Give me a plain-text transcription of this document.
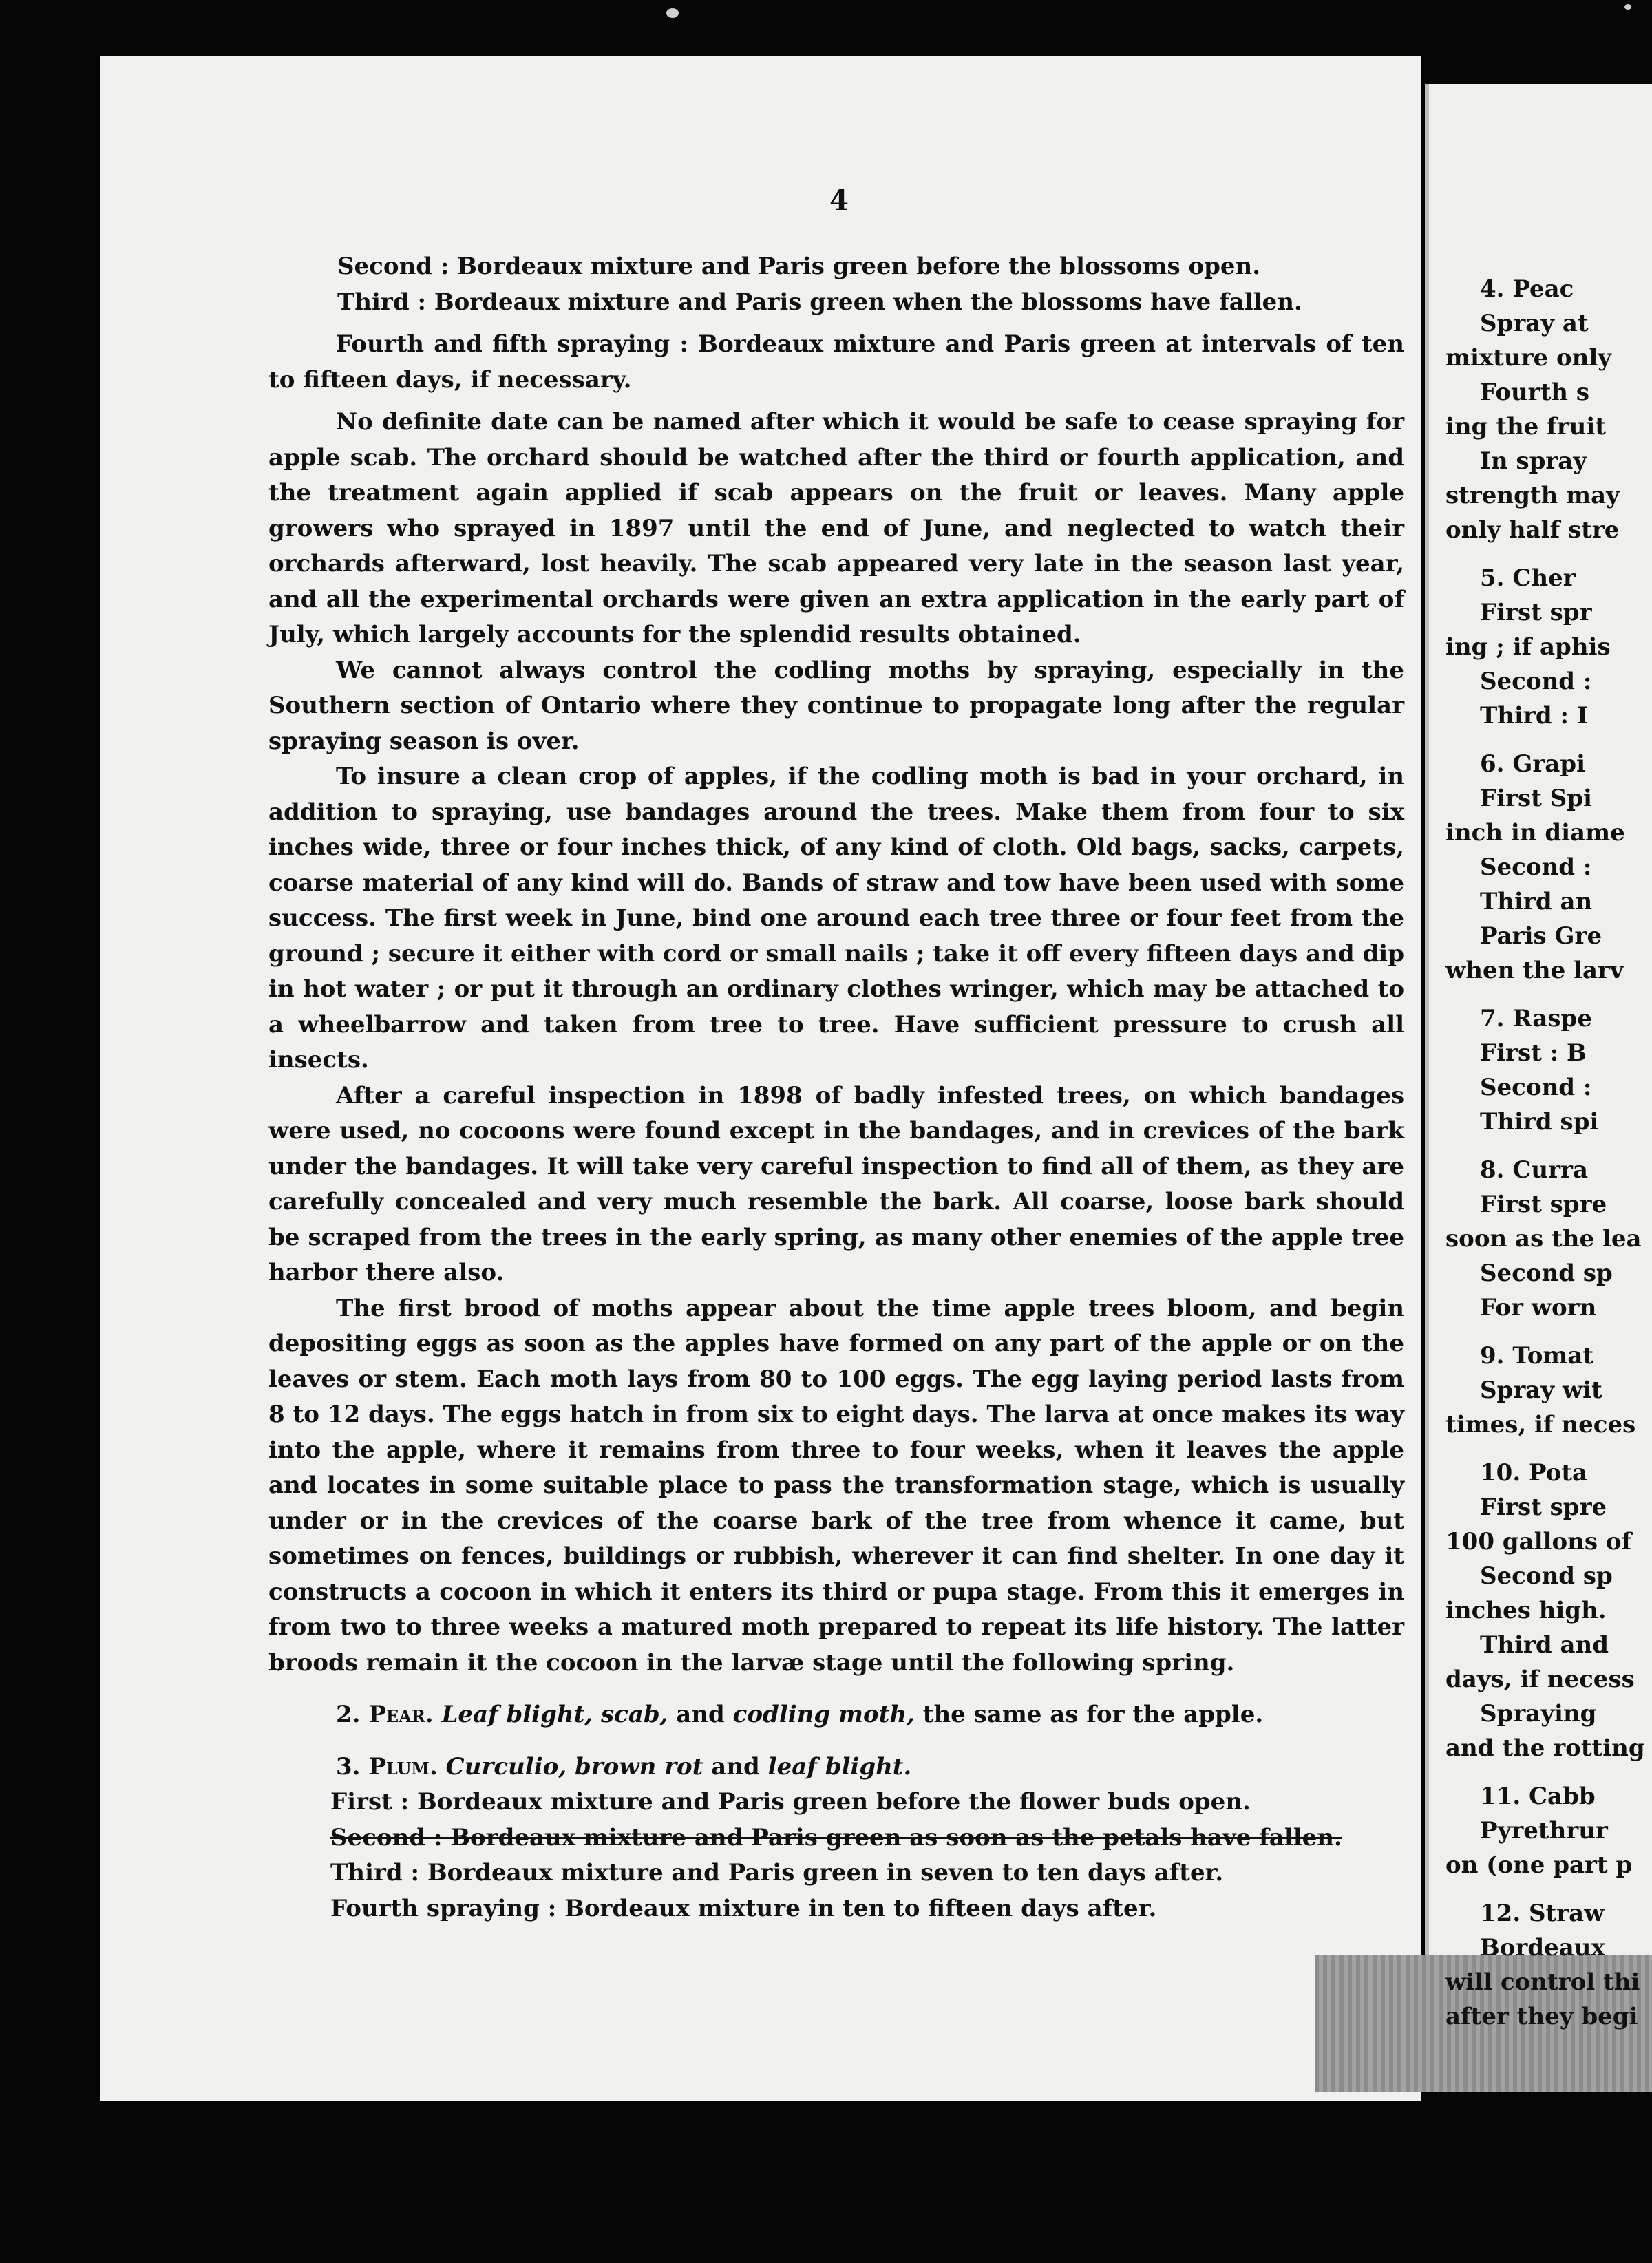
4

Second : Bordeaux mixture and Paris green before the blossoms open.

Third : Bordeaux mixture and Paris green when the blossoms have fallen.

Fourth and fifth spraying : Bordeaux mixture and Paris green at intervals of ten to fifteen days, if necessary.

No definite date can be named after which it would be safe to cease spraying for apple scab. The orchard should be watched after the third or fourth application, and the treatment again applied if scab appears on the fruit or leaves. Many apple growers who sprayed in 1897 until the end of June, and neglected to watch their orchards afterward, lost heavily. The scab appeared very late in the season last year, and all the experimental orchards were given an extra application in the early part of July, which largely accounts for the splendid results obtained.

We cannot always control the codling moths by spraying, especially in the Southern section of Ontario where they continue to propagate long after the regular spraying season is over.

To insure a clean crop of apples, if the codling moth is bad in your orchard, in addition to spraying, use bandages around the trees. Make them from four to six inches wide, three or four inches thick, of any kind of cloth. Old bags, sacks, carpets, coarse material of any kind will do. Bands of straw and tow have been used with some success. The first week in June, bind one around each tree three or four feet from the ground ; secure it either with cord or small nails ; take it off every fifteen days and dip in hot water ; or put it through an ordinary clothes wringer, which may be attached to a wheelbarrow and taken from tree to tree. Have sufficient pressure to crush all insects.

After a careful inspection in 1898 of badly infested trees, on which bandages were used, no cocoons were found except in the bandages, and in crevices of the bark under the bandages. It will take very careful inspection to find all of them, as they are carefully concealed and very much resemble the bark. All coarse, loose bark should be scraped from the trees in the early spring, as many other enemies of the apple tree harbor there also.

The first brood of moths appear about the time apple trees bloom, and begin depositing eggs as soon as the apples have formed on any part of the apple or on the leaves or stem. Each moth lays from 80 to 100 eggs. The egg laying period lasts from 8 to 12 days. The eggs hatch in from six to eight days. The larva at once makes its way into the apple, where it remains from three to four weeks, when it leaves the apple and locates in some suitable place to pass the transformation stage, which is usually under or in the crevices of the coarse bark of the tree from whence it came, but sometimes on fences, buildings or rubbish, wherever it can find shelter. In one day it constructs a cocoon in which it enters its third or pupa stage. From this it emerges in from two to three weeks a matured moth prepared to repeat its life history. The latter broods remain it the cocoon in the larvæ stage until the following spring.

2. Pear. Leaf blight, scab, and codling moth, the same as for the apple.

3. Plum. Curculio, brown rot and leaf blight.

First : Bordeaux mixture and Paris green before the flower buds open.

Second : Bordeaux mixture and Paris green as soon as the petals have fallen.

Third : Bordeaux mixture and Paris green in seven to ten days after.

Fourth spraying : Bordeaux mixture in ten to fifteen days after.

4. Peac
Spray at
mixture only
Fourth s
ing the fruit
In spray
strength may
only half stre
5. Cher
First spr
ing ; if aphis
Second :
Third : I
6. Grapi
First Spi
inch in diame
Second :
Third an
Paris Gre
when the larv
7. Raspe
First : B
Second :
Third spi
8. Curra
First spre
soon as the lea
Second sp
For worn
9. Tomat
Spray wit
times, if neces
10. Pota
First spre
100 gallons of
Second sp
inches high.
Third and
days, if necess
Spraying
and the rotting
11. Cabb
Pyrethrur
on (one part p
12. Straw
Bordeaux
will control thi
after they begi
